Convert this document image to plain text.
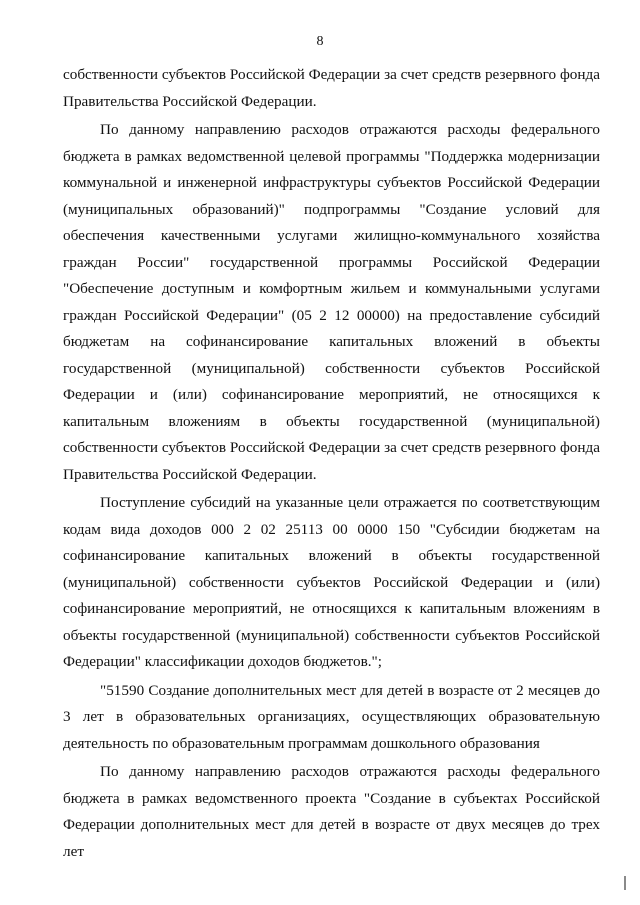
8

собственности субъектов Российской Федерации за счет средств резервного фонда Правительства Российской Федерации.

По данному направлению расходов отражаются расходы федерального бюджета в рамках ведомственной целевой программы "Поддержка модернизации коммунальной и инженерной инфраструктуры субъектов Российской Федерации (муниципальных образований)" подпрограммы "Создание условий для обеспечения качественными услугами жилищно-коммунального хозяйства граждан России" государственной программы Российской Федерации "Обеспечение доступным и комфортным жильем и коммунальными услугами граждан Российской Федерации" (05 2 12 00000) на предоставление субсидий бюджетам на софинансирование капитальных вложений в объекты государственной (муниципальной) собственности субъектов Российской Федерации и (или) софинансирование мероприятий, не относящихся к капитальным вложениям в объекты государственной (муниципальной) собственности субъектов Российской Федерации за счет средств резервного фонда Правительства Российской Федерации.

Поступление субсидий на указанные цели отражается по соответствующим кодам вида доходов 000 2 02 25113 00 0000 150 "Субсидии бюджетам на софинансирование капитальных вложений в объекты государственной (муниципальной) собственности субъектов Российской Федерации и (или) софинансирование мероприятий, не относящихся к капитальным вложениям в объекты государственной (муниципальной) собственности субъектов Российской Федерации" классификации доходов бюджетов.";

"51590 Создание дополнительных мест для детей в возрасте от 2 месяцев до 3 лет в образовательных организациях, осуществляющих образовательную деятельность по образовательным программам дошкольного образования

По данному направлению расходов отражаются расходы федерального бюджета в рамках ведомственного проекта "Создание в субъектах Российской Федерации дополнительных мест для детей в возрасте от двух месяцев до трех лет
